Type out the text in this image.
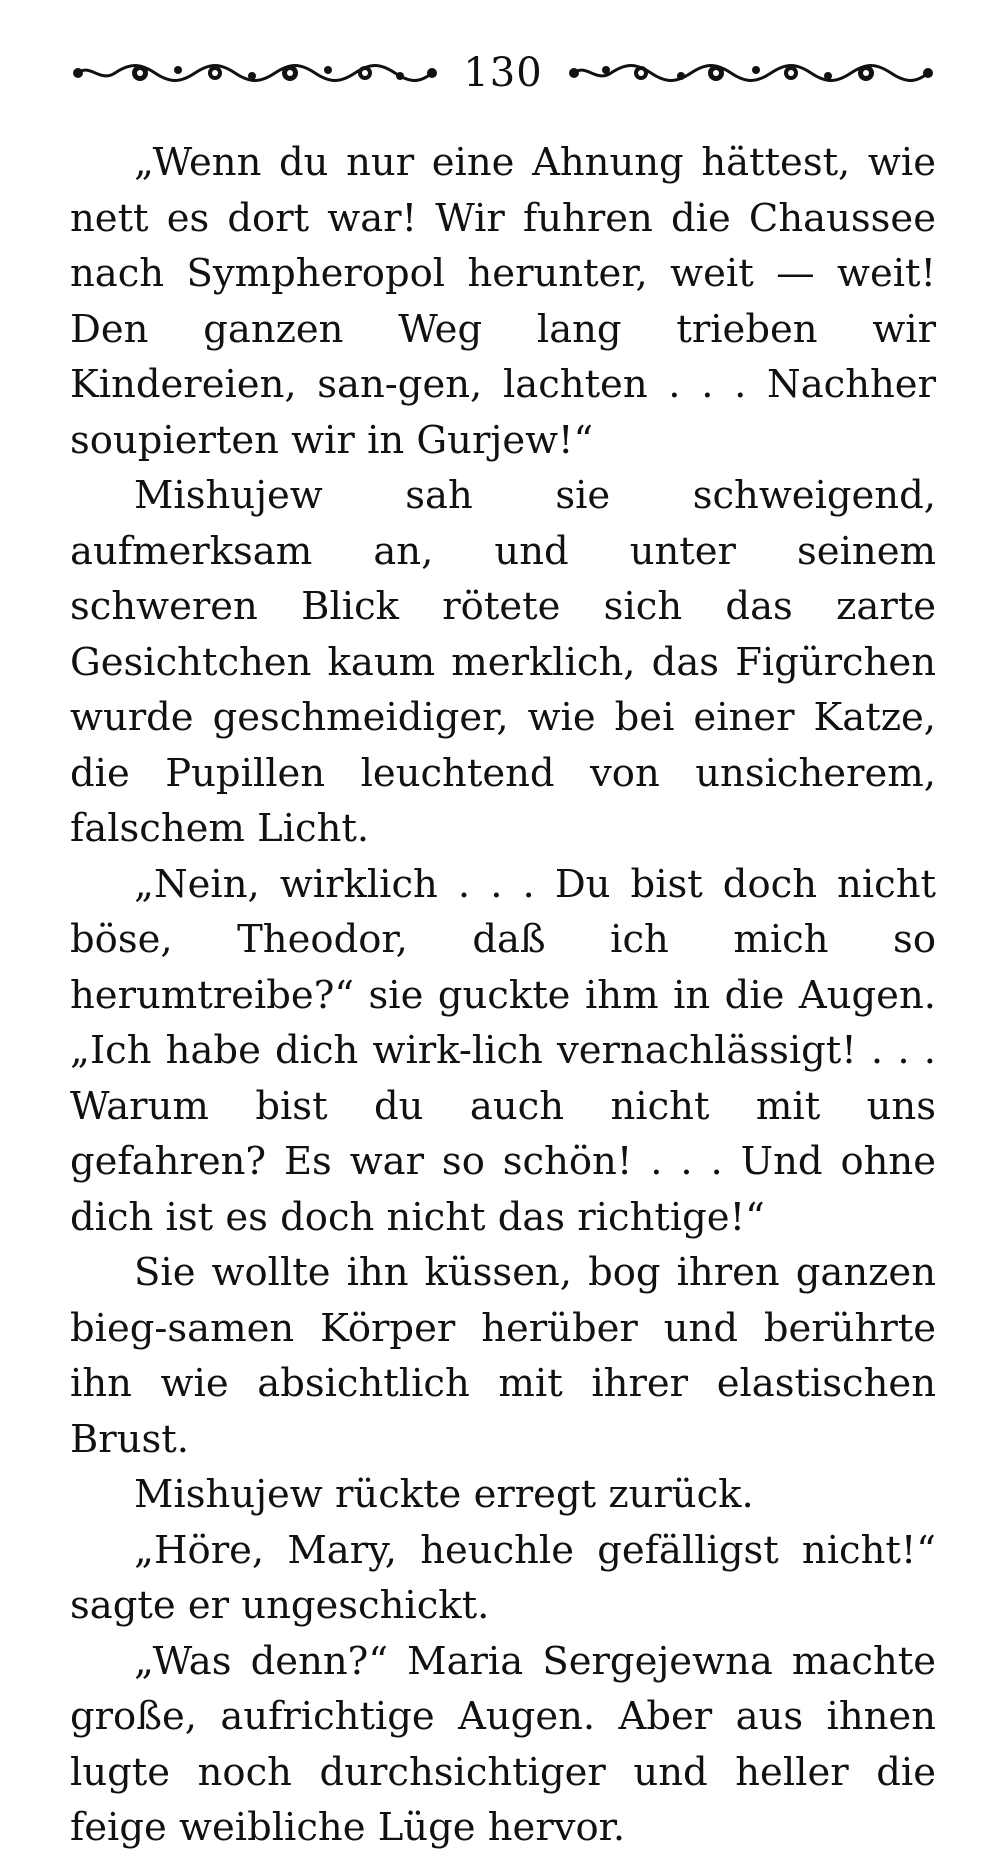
130

„Wenn du nur eine Ahnung hättest, wie nett es dort war! Wir fuhren die Chaussee nach Sympheropol herunter, weit — weit! Den ganzen Weg lang trieben wir Kindereien, san-gen, lachten . . . Nachher soupierten wir in Gurjew!“

Mishujew sah sie schweigend, aufmerksam an, und unter seinem schweren Blick rötete sich das zarte Gesichtchen kaum merklich, das Figürchen wurde geschmeidiger, wie bei einer Katze, die Pupillen leuchtend von unsicherem, falschem Licht.

„Nein, wirklich . . . Du bist doch nicht böse, Theodor, daß ich mich so herumtreibe?“ sie guckte ihm in die Augen. „Ich habe dich wirk-lich vernachlässigt! . . . Warum bist du auch nicht mit uns gefahren? Es war so schön! . . . Und ohne dich ist es doch nicht das richtige!“

Sie wollte ihn küssen, bog ihren ganzen bieg-samen Körper herüber und berührte ihn wie absichtlich mit ihrer elastischen Brust.

Mishujew rückte erregt zurück.

„Höre, Mary, heuchle gefälligst nicht!“ sagte er ungeschickt.

„Was denn?“ Maria Sergejewna machte große, aufrichtige Augen. Aber aus ihnen lugte noch durchsichtiger und heller die feige weibliche Lüge hervor.
